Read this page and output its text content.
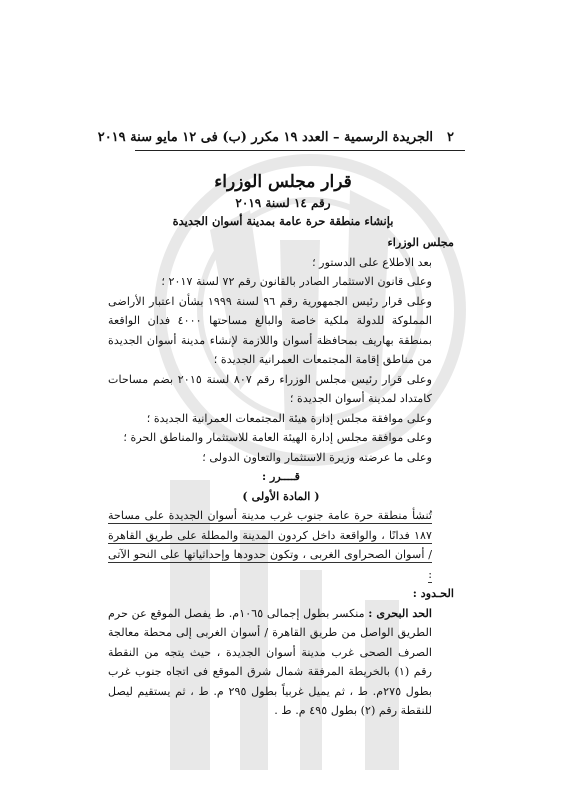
٢الجريدة الرسمية – العدد ١٩ مكرر (ب) فى ١٢ مايو سنة ٢٠١٩
قرار مجلس الوزراء
رقم ١٤ لسنة ٢٠١٩
بإنشاء منطقة حرة عامة بمدينة أسوان الجديدة

مجلس الوزراء

بعد الاطلاع على الدستور ؛

وعلى قانون الاستثمار الصادر بالقانون رقم ٧٢ لسنة ٢٠١٧ ؛

وعلى قرار رئيس الجمهورية رقم ٩٦ لسنة ١٩٩٩ بشأن اعتبار الأراضى المملوكة للدولة ملكية خاصة والبالغ مساحتها ٤٠٠٠ فدان الواقعة بمنطقة بهاريف بمحافظة أسوان واللازمة لإنشاء مدينة أسوان الجديدة من مناطق إقامة المجتمعات العمرانية الجديدة ؛

وعلى قرار رئيس مجلس الوزراء رقم ٨٠٧ لسنة ٢٠١٥ بضم مساحات كامتداد لمدينة أسوان الجديدة ؛

وعلى موافقة مجلس إدارة هيئة المجتمعات العمرانية الجديدة ؛

وعلى موافقة مجلس إدارة الهيئة العامة للاستثمار والمناطق الحرة ؛

وعلى ما عرضته وزيرة الاستثمار والتعاون الدولى ؛

قــــرر :

( المادة الأولى )

تُنشأ منطقة حرة عامة جنوب غرب مدينة أسوان الجديدة على مساحة ١٨٧ فدانًا ، والواقعة داخل كردون المدينة والمطلة على طريق القاهرة / أسوان الصحراوى الغربى ، وتكون حدودها وإحداثياتها على النحو الآتى :

الحـدود :

الحد البحرى : منكسر بطول إجمالى ١٠٦٥م. ط يفصل الموقع عن حرم الطريق الواصل من طريق القاهرة / أسوان الغربى إلى محطة معالجة الصرف الصحى غرب مدينة أسوان الجديدة ، حيث يتجه من النقطة رقم (١) بالخريطة المرفقة شمال شرق الموقع فى اتجاه جنوب غرب بطول ٢٧٥م. ط ، ثم يميل غربياً بطول ٢٩٥ م. ط ، ثم يستقيم ليصل للنقطة رقم (٢) بطول ٤٩٥ م. ط .
